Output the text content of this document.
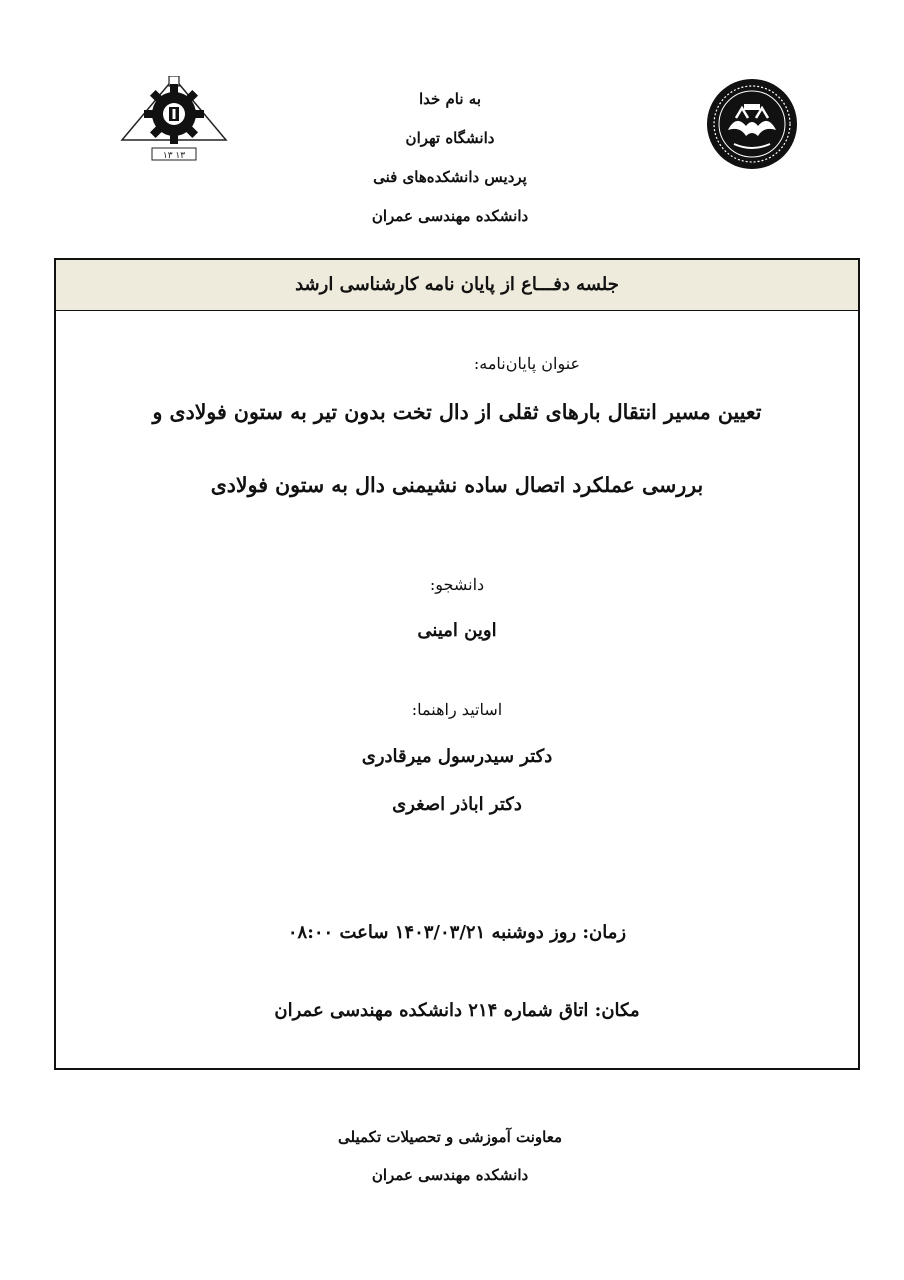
۱۳ ۱۳
به نام خدا
دانشگاه تهران
پردیس دانشکده‌های فنی
دانشکده مهندسی عمران
جلسه دفـــاع از پایان نامه کارشناسی ارشد
عنوان پایان‌نامه:
تعیین مسیر انتقال بارهای ثقلی از دال تخت بدون تیر به ستون فولادی و
بررسی عملکرد اتصال ساده نشیمنی دال به ستون فولادی
دانشجو:
اوین امینی
اساتید راهنما:
دکتر سیدرسول میرقادری
دکتر اباذر اصغری
زمان: روز دوشنبه ۱۴۰۳/۰۳/۲۱ ساعت ۰۸:۰۰
مکان: اتاق شماره ۲۱۴ دانشکده مهندسی عمران
معاونت آموزشی و تحصیلات تکمیلی
دانشکده مهندسی عمران
